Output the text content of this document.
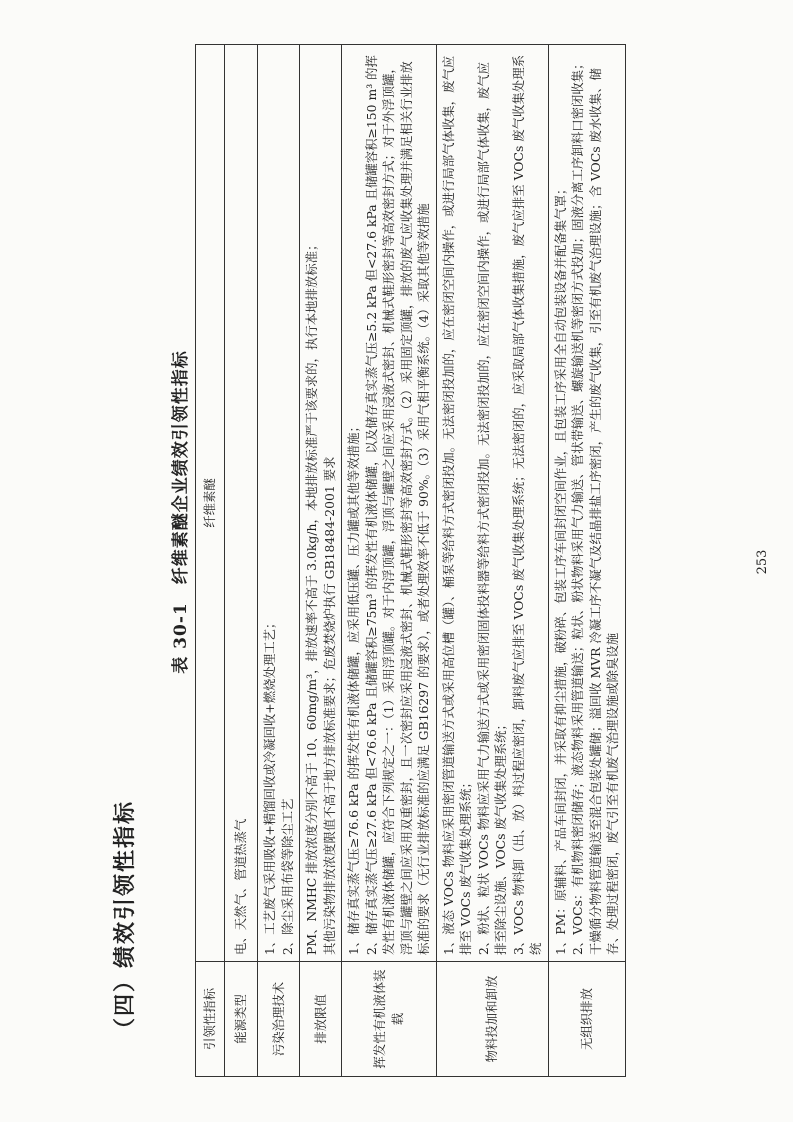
（四）绩效引领性指标
表 30-1　纤维素醚企业绩效引领性指标
引领性指标	纤维素醚
能源类型	电、天然气、管道热蒸气

污染治理技术	1、工艺废气采用吸收+精馏回收或冷凝回收+燃烧处理工艺； 2、除尘采用布袋等除尘工艺

排放限值	PM、NMHC 排放浓度分别不高于 10、60mg/m³，排放速率不高于 3.0kg/h，本地排放标准严于该要求的，执行本地排放标准； 其他污染物排放浓度限值不高于地方排放标准要求；危废焚烧炉执行 GB18484-2001 要求

挥发性有机液体装载	1、储存真实蒸气压≥76.6 kPa 的挥发性有机液体储罐，应采用低压罐、压力罐或其他等效措施； 2、储存真实蒸气压≥27.6 kPa 但<76.6 kPa 且储罐容积≥75m³ 的挥发性有机液体储罐，以及储存真实蒸气压≥5.2 kPa 但<27.6 kPa 且储罐容积≥150 m³ 的挥发性有机液体储罐，应符合下列规定之一：（1）采用浮顶罐。对于内浮顶罐，浮顶与罐壁之间应采用浸液式密封、机械式鞋形密封等高效密封方式；对于外浮顶罐，浮顶与罐壁之间应采用双重密封，且一次密封应采用浸液式密封、机械式鞋形密封等高效密封方式。（2）采用固定顶罐，排放的废气应收集处理并满足相关行业排放标准的要求（无行业排放标准的应满足 GB16297 的要求），或者处理效率不低于 90%。（3）采用气相平衡系统。（4）采取其他等效措施

物料投加和卸放	1、液态 VOCs 物料应采用密闭管道输送方式或采用高位槽（罐）、桶泵等给料方式密闭投加。无法密闭投加的，应在密闭空间内操作，或进行局部气体收集，废气应排至 VOCs 废气收集处理系统； 2、粉状、粒状 VOCs 物料应采用气力输送方式或采用密闭固体投料器等给料方式密闭投加。无法密闭投加的，应在密闭空间内操作，或进行局部气体收集，废气应排至除尘设施、VOCs 废气收集处理系统； 3、VOCs 物料卸（出、放）料过程应密闭，卸料废气应排至 VOCs 废气收集处理系统；无法密闭的，应采取局部气体收集措施，废气应排至 VOCs 废气收集处理系统

无组织排放	1、PM：原辅料、产品车间封闭，并采取有抑尘措施，破粉碎、包装工序车间封闭空间作业，且包装工序采用全自动包装设备并配备集气罩； 2、VOCs：有机物料密闭储存；液态物料采用管道输送；粒状、粉状物料采用气力输送、管状带输送、螺旋输送机等密闭方式投加；固液分离工序卸料口密闭收集；干燥循分物料管道输送至混合包装处罐储；溢回收 MVR 冷凝工序不凝气及结晶排盐工序密闭，产生的废气收集，引至有机废气治理设施；含 VOCs 废水收集、储存、处理过程密闭，废气引至有机废气治理设施或除臭设施
253
